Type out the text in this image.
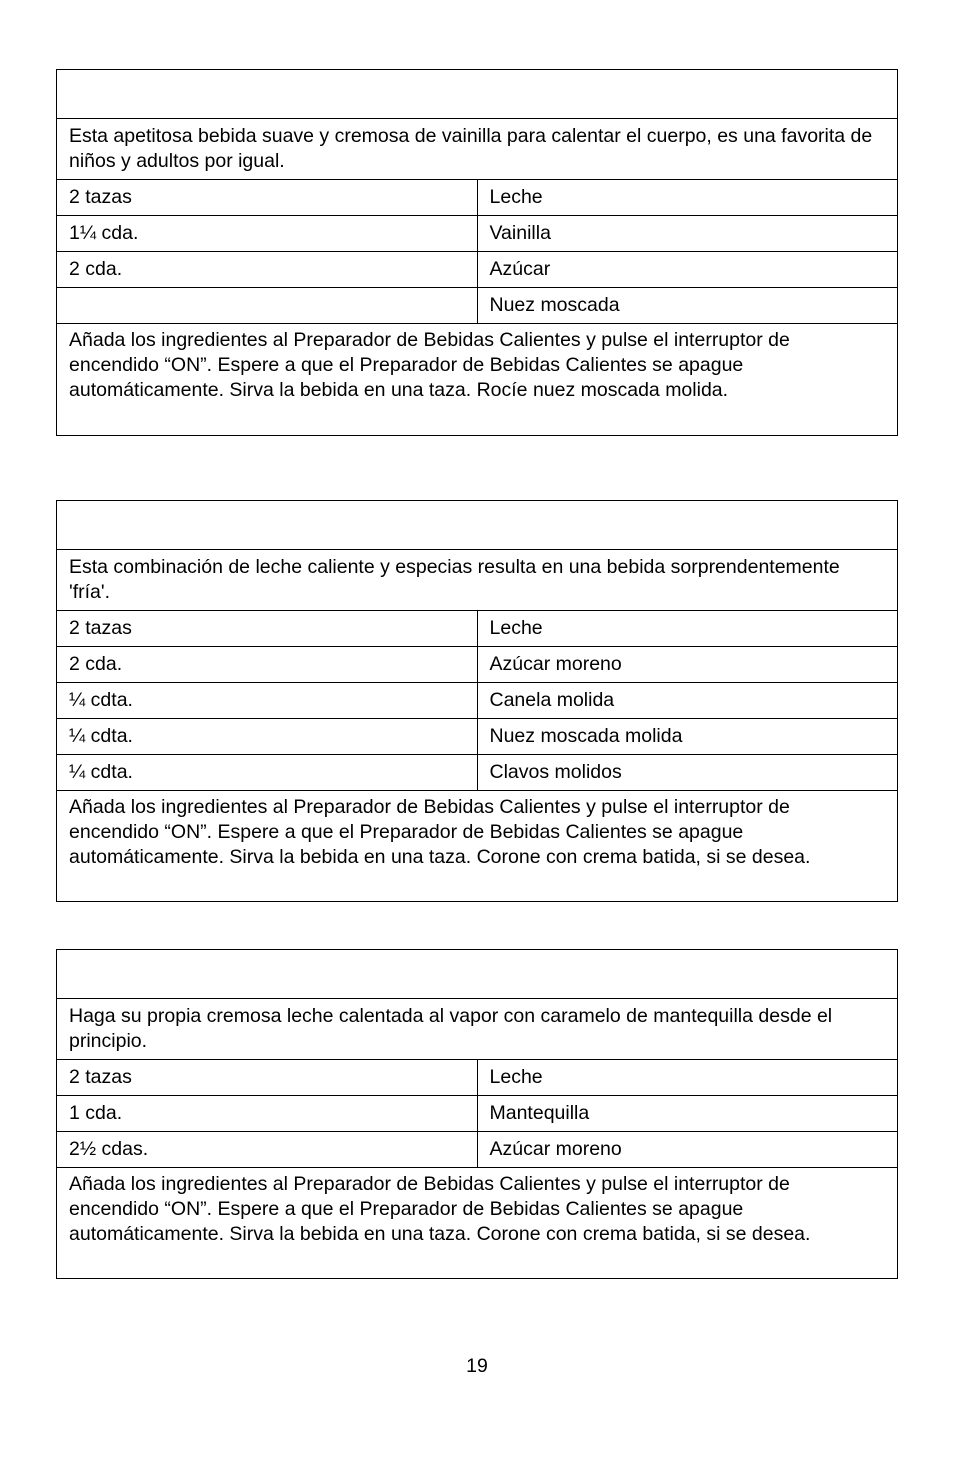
Esta apetitosa bebida suave y cremosa de vainilla para calentar el cuerpo, es una favorita de niños y adultos por igual.	
2 tazas	Leche
1¼ cda.	Vainilla
2 cda.	Azúcar
	Nuez moscada
Añada los ingredientes al Preparador de Bebidas Calientes y pulse el interruptor de encendido “ON”. Espere a que el Preparador de Bebidas Calientes se apague automáticamente. Sirva la bebida en una taza. Rocíe nuez moscada molida.	

Esta combinación de leche caliente y especias resulta en una bebida sorprendentemente 'fría'.	
2 tazas	Leche
2 cda.	Azúcar moreno
¼ cdta.	Canela molida
¼ cdta.	Nuez moscada molida
¼ cdta.	Clavos molidos
Añada los ingredientes al Preparador de Bebidas Calientes y pulse el interruptor de encendido “ON”. Espere a que el Preparador de Bebidas Calientes se apague automáticamente. Sirva la bebida en una taza. Corone con crema batida, si se desea.	

Haga su propia cremosa leche calentada al vapor con caramelo de mantequilla desde el principio.	
2 tazas	Leche
1 cda.	Mantequilla
2½ cdas.	Azúcar moreno
Añada los ingredientes al Preparador de Bebidas Calientes y pulse el interruptor de encendido “ON”. Espere a que el Preparador de Bebidas Calientes se apague automáticamente. Sirva la bebida en una taza. Corone con crema batida, si se desea.	
19
